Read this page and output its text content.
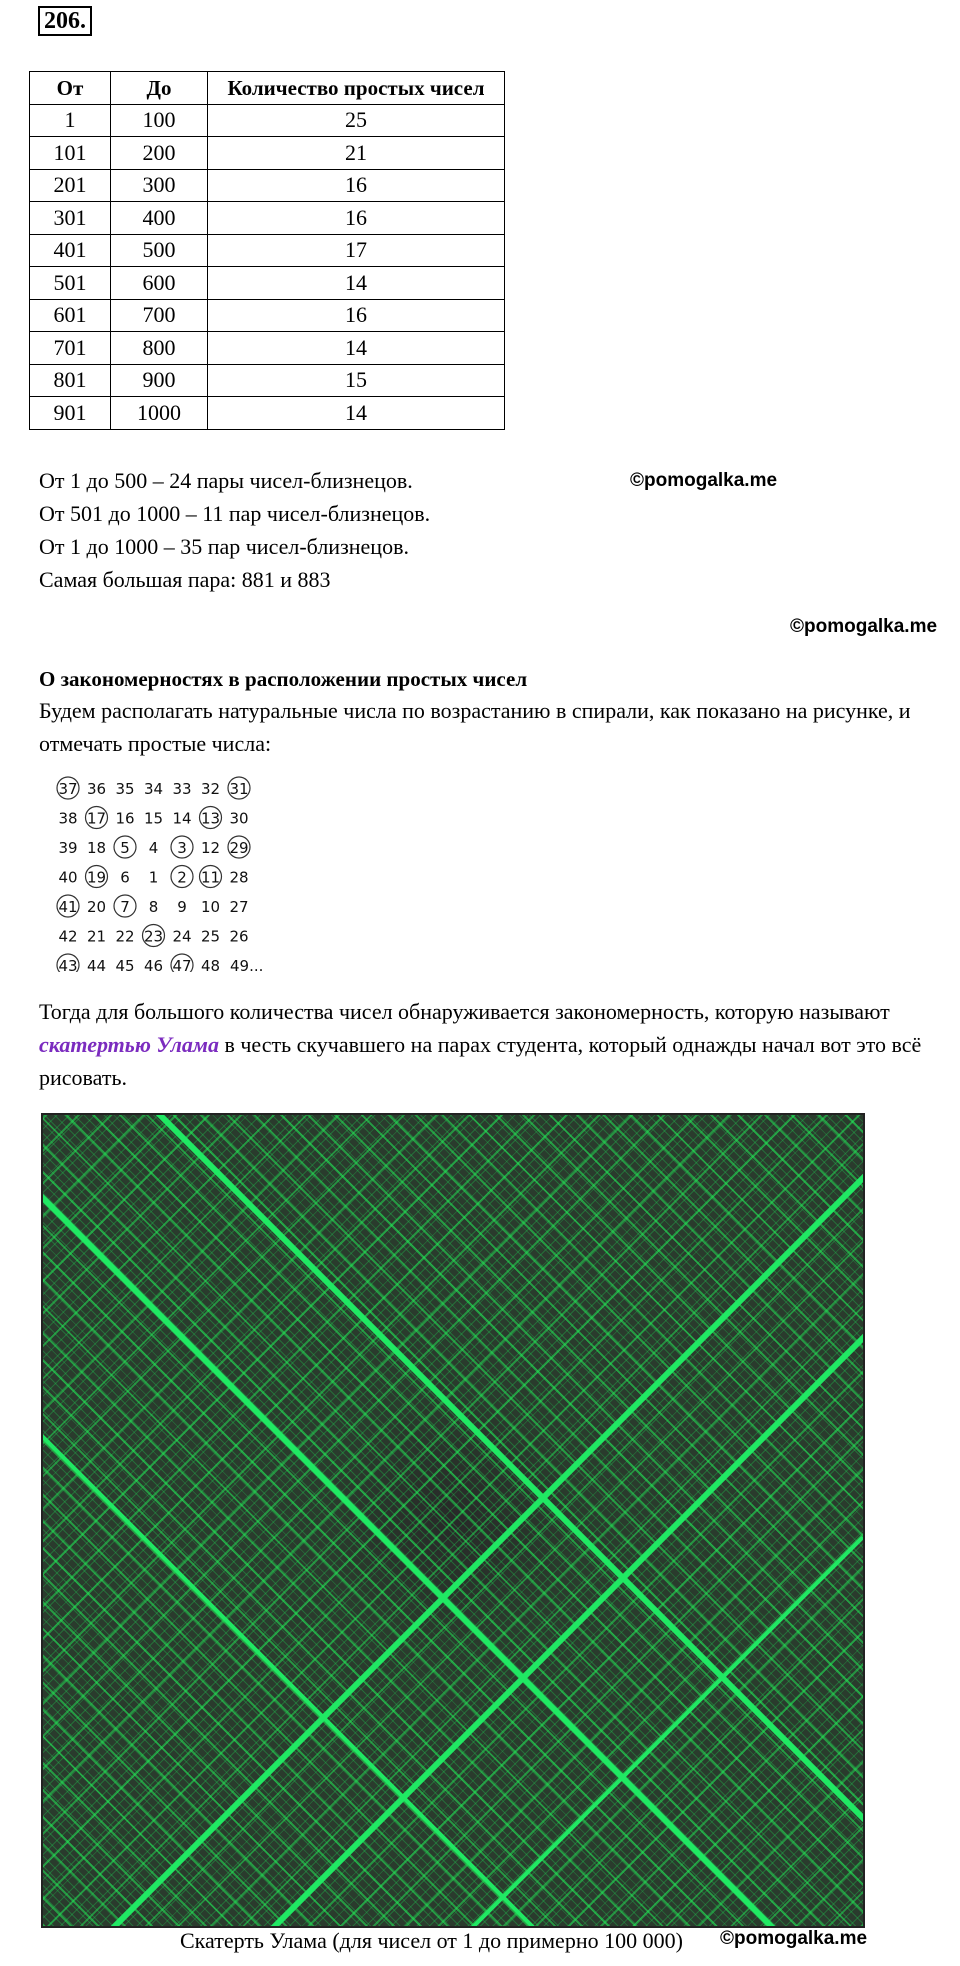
206.
От	До	Количество простых чисел
1	100	25
101	200	21
201	300	16
301	400	16
401	500	17
501	600	14
601	700	16
701	800	14
801	900	15
901	1000	14
От 1 до 500 – 24 пары чисел-близнецов.
От 501 до 1000 – 11 пар чисел-близнецов.
От 1 до 1000 – 35 пар чисел-близнецов.
Самая большая пара: 881 и 883
©pomogalka.me
©pomogalka.me
О закономерностях в расположении простых чисел
Будем располагать натуральные числа по возрастанию в спирали, как показано на рисунке, и отмечать простые числа:
37 36 35 34 33 32 31
38 17 16 15 14 13 30
39 18 5 4 3 12 29
40 19 6 1 2 11 28
41 20 7 8 9 10 27
42 21 22 23 24 25 26
43 44 45 46 47 48 49...
Тогда для большого количества чисел обнаруживается закономерность, которую называют скатертью Улама в честь скучавшего на парах студента, который однажды начал вот это всё рисовать.
Скатерть Улама (для чисел от 1 до примерно 100 000) ©pomogalka.me
